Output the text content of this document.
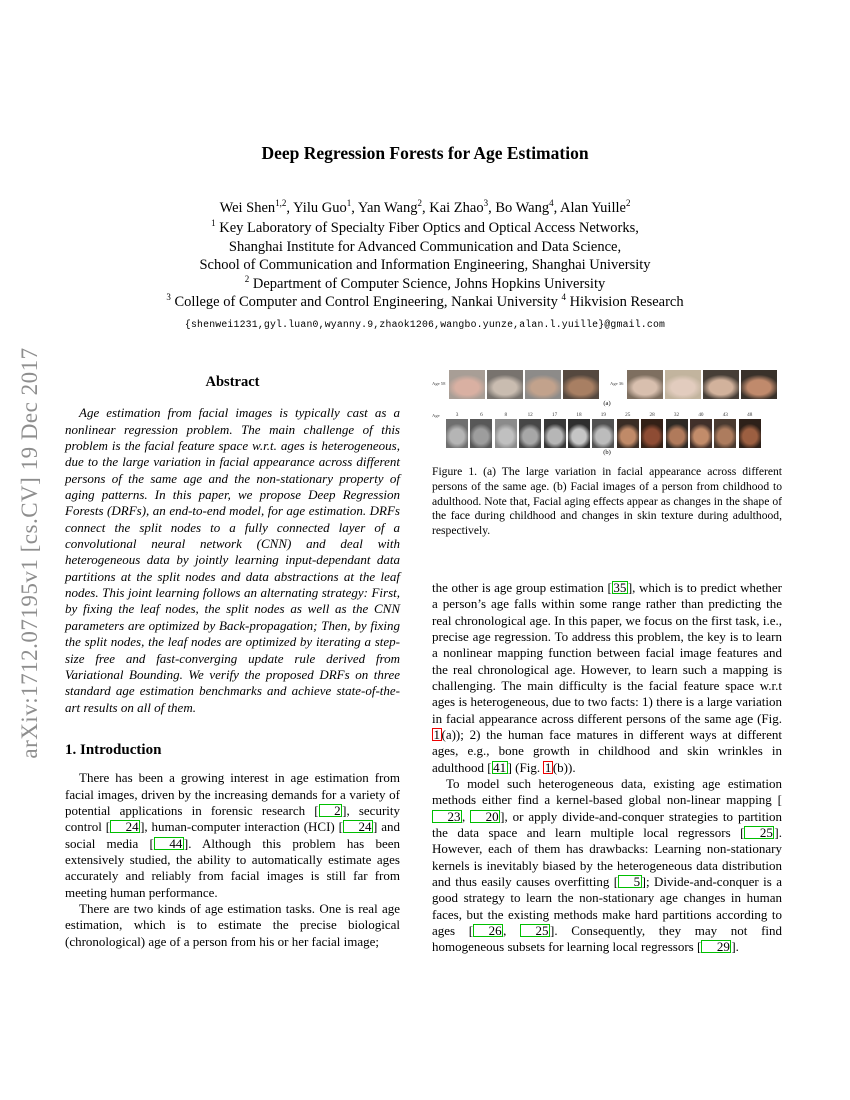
arXiv:1712.07195v1 [cs.CV] 19 Dec 2017
Deep Regression Forests for Age Estimation
Wei Shen$^{1,2}$, Yilu Guo$^1$, Yan Wang$^2$, Kai Zhao$^3$, Bo Wang$^4$, Alan Yuille$^2$
$^1$ Key Laboratory of Specialty Fiber Optics and Optical Access Networks,
Shanghai Institute for Advanced Communication and Data Science,
School of Communication and Information Engineering, Shanghai University
$^2$ Department of Computer Science, Johns Hopkins University
$^3$ College of Computer and Control Engineering, Nankai University $^4$ Hikvision Research
{shenwei1231,gyl.luan0,wyanny.9,zhaok1206,wangbo.yunze,alan.l.yuille}@gmail.com
Abstract

Age estimation from facial images is typically cast as a nonlinear regression problem. The main challenge of this problem is the facial feature space w.r.t. ages is heterogeneous, due to the large variation in facial appearance across different persons of the same age and the non-stationary property of aging patterns. In this paper, we propose Deep Regression Forests (DRFs), an end-to-end model, for age estimation. DRFs connect the split nodes to a fully connected layer of a convolutional neural network (CNN) and deal with heterogeneous data by jointly learning input-dependant data partitions at the split nodes and data abstractions at the leaf nodes. This joint learning follows an alternating strategy: First, by fixing the leaf nodes, the split nodes as well as the CNN parameters are optimized by Back-propagation; Then, by fixing the split nodes, the leaf nodes are optimized by iterating a step-size free and fast-converging update rule derived from Variational Bounding. We verify the proposed DRFs on three standard age estimation benchmarks and achieve state-of-the-art results on all of them.

1. Introduction

There has been a growing interest in age estimation from facial images, driven by the increasing demands for a variety of potential applications in forensic research [ 2 ], security control [ 24 ], human-computer interaction (HCI) [ 24 ] and social media [ 44 ]. Although this problem has been extensively studied, the ability to automatically estimate ages accurately and reliably from facial images is still far from meeting human performance.

There are two kinds of age estimation tasks. One is real age estimation, which is to estimate the precise biological (chronological) age of a person from his or her facial image;

Age 58	Age 36
(a)
Age	3	6	8	12	17	18	19	25	28	32	40	43	48
(b)
Figure 1. (a) The large variation in facial appearance across different persons of the same age. (b) Facial images of a person from childhood to adulthood. Note that, Facial aging effects appear as changes in the shape of the face during childhood and changes in skin texture during adulthood, respectively.

the other is age group estimation [ 35 ], which is to predict whether a person’s age falls within some range rather than predicting the real chronological age. In this paper, we focus on the first task, i.e., precise age regression. To address this problem, the key is to learn a nonlinear mapping function between facial image features and the real chronological age. However, to learn such a mapping is challenging. The main difficulty is the facial feature space w.r.t ages is heterogeneous, due to two facts: 1) there is a large variation in facial appearance across different persons of the same age (Fig. 1 (a)); 2) the human face matures in different ways at different ages, e.g., bone growth in childhood and skin wrinkles in adulthood [ 41 ] (Fig. 1 (b)).

To model such heterogeneous data, existing age estimation methods either find a kernel-based global non-linear mapping [23 , 20 ], or apply divide-and-conquer strategies to partition the data space and learn multiple local regressors [ 25 ]. However, each of them has drawbacks: Learning non-stationary kernels is inevitably biased by the heterogeneous data distribution and thus easily causes overfitting [ 5 ]; Divide-and-conquer is a good strategy to learn the non-stationary age changes in human faces, but the existing methods make hard partitions according to ages [ 26 , 25 ]. Consequently, they may not find homogeneous subsets for learning local regressors [ 29 ].
